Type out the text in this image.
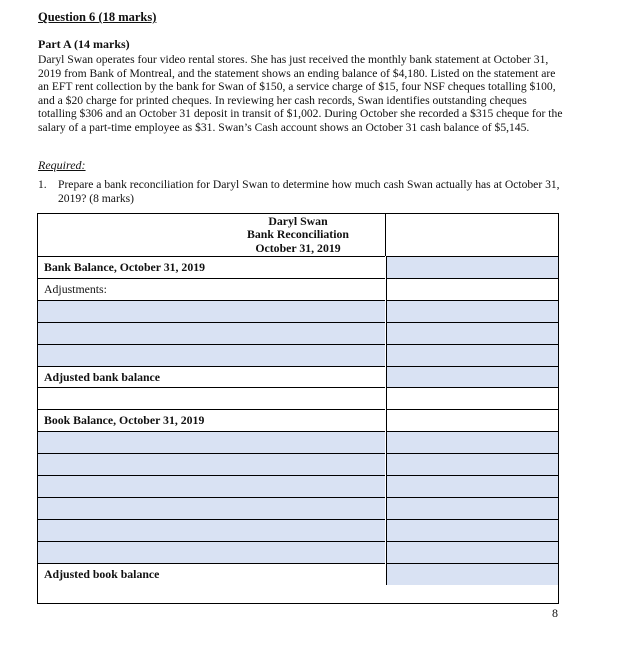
Question 6 (18 marks)
Part A (14 marks)

Daryl Swan operates four video rental stores. She has just received the monthly bank statement at October 31, 2019 from Bank of Montreal, and the statement shows an ending balance of $4,180. Listed on the statement are an EFT rent collection by the bank for Swan of $150, a service charge of $15, four NSF cheques totalling $100, and a $20 charge for printed cheques. In reviewing her cash records, Swan identifies outstanding cheques totalling $306 and an October 31 deposit in transit of $1,002. During October she recorded a $315 cheque for the salary of a part-time employee as $31. Swan’s Cash account shows an October 31 cash balance of $5,145.

Required:
1. Prepare a bank reconciliation for Daryl Swan to determine how much cash Swan actually has at October 31, 2019? (8 marks)
Daryl Swan
Bank Reconciliation
October 31, 2019
Bank Balance, October 31, 2019
Adjustments:
Adjusted bank balance
Book Balance, October 31, 2019
Adjusted book balance
8
